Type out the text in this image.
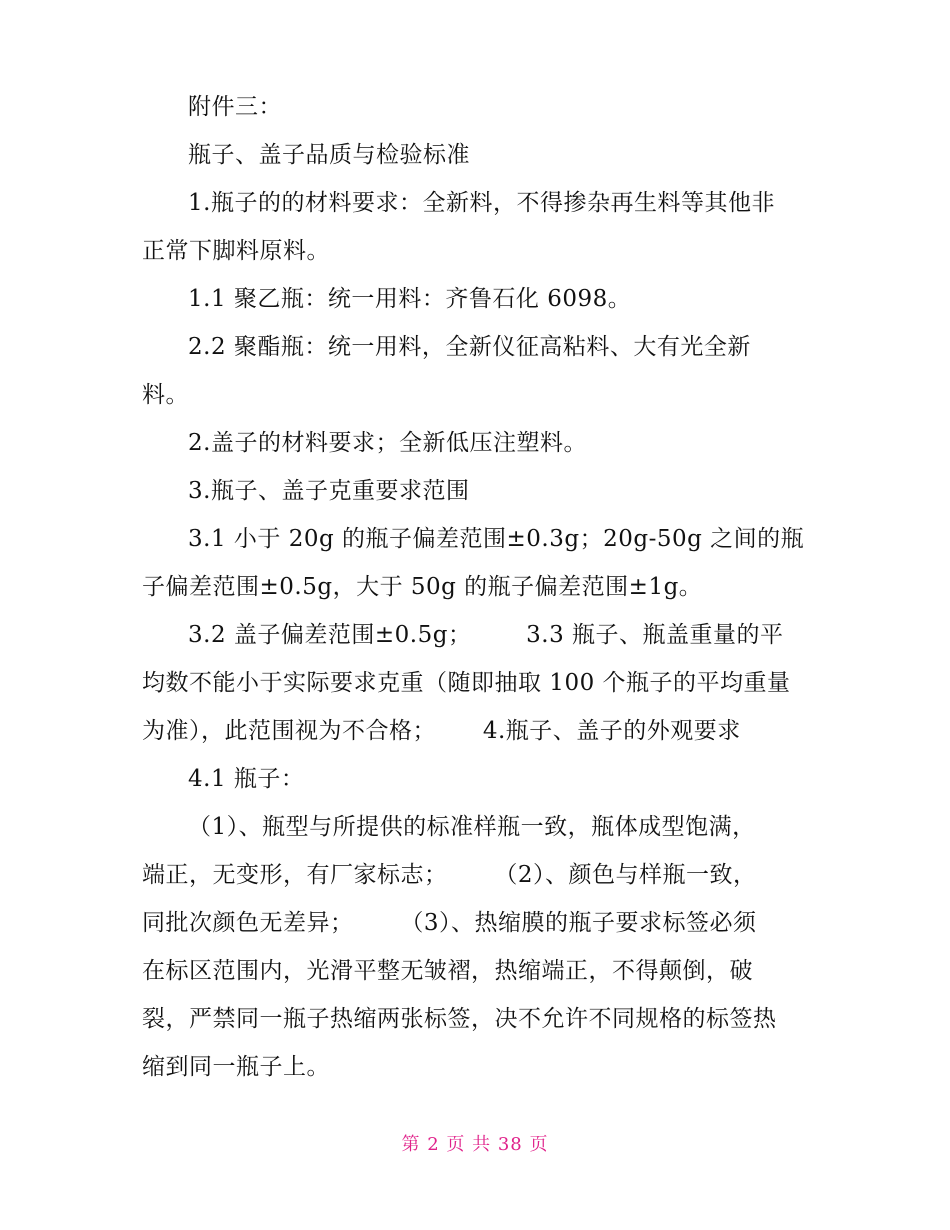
附件三：
瓶子、盖子品质与检验标准
1.瓶子的的材料要求：全新料，不得掺杂再生料等其他非
正常下脚料原料。
1.1 聚乙瓶：统一用料：齐鲁石化 6098。
2.2 聚酯瓶：统一用料，全新仪征高粘料、大有光全新
料。
2.盖子的材料要求；全新低压注塑料。
3.瓶子、盖子克重要求范围
3.1 小于 20g 的瓶子偏差范围±0.3g；20g-50g 之间的瓶
子偏差范围±0.5g，大于 50g 的瓶子偏差范围±1g。
3.2 盖子偏差范围±0.5g；       3.3 瓶子、瓶盖重量的平
均数不能小于实际要求克重（随即抽取 100 个瓶子的平均重量
为准），此范围视为不合格；      4.瓶子、盖子的外观要求
4.1 瓶子：
（1）、瓶型与所提供的标准样瓶一致，瓶体成型饱满，
端正，无变形，有厂家标志；      （2）、颜色与样瓶一致，
同批次颜色无差异；      （3）、热缩膜的瓶子要求标签必须
在标区范围内，光滑平整无皱褶，热缩端正，不得颠倒，破
裂，严禁同一瓶子热缩两张标签，决不允许不同规格的标签热
缩到同一瓶子上。
第 2 页 共 38 页
